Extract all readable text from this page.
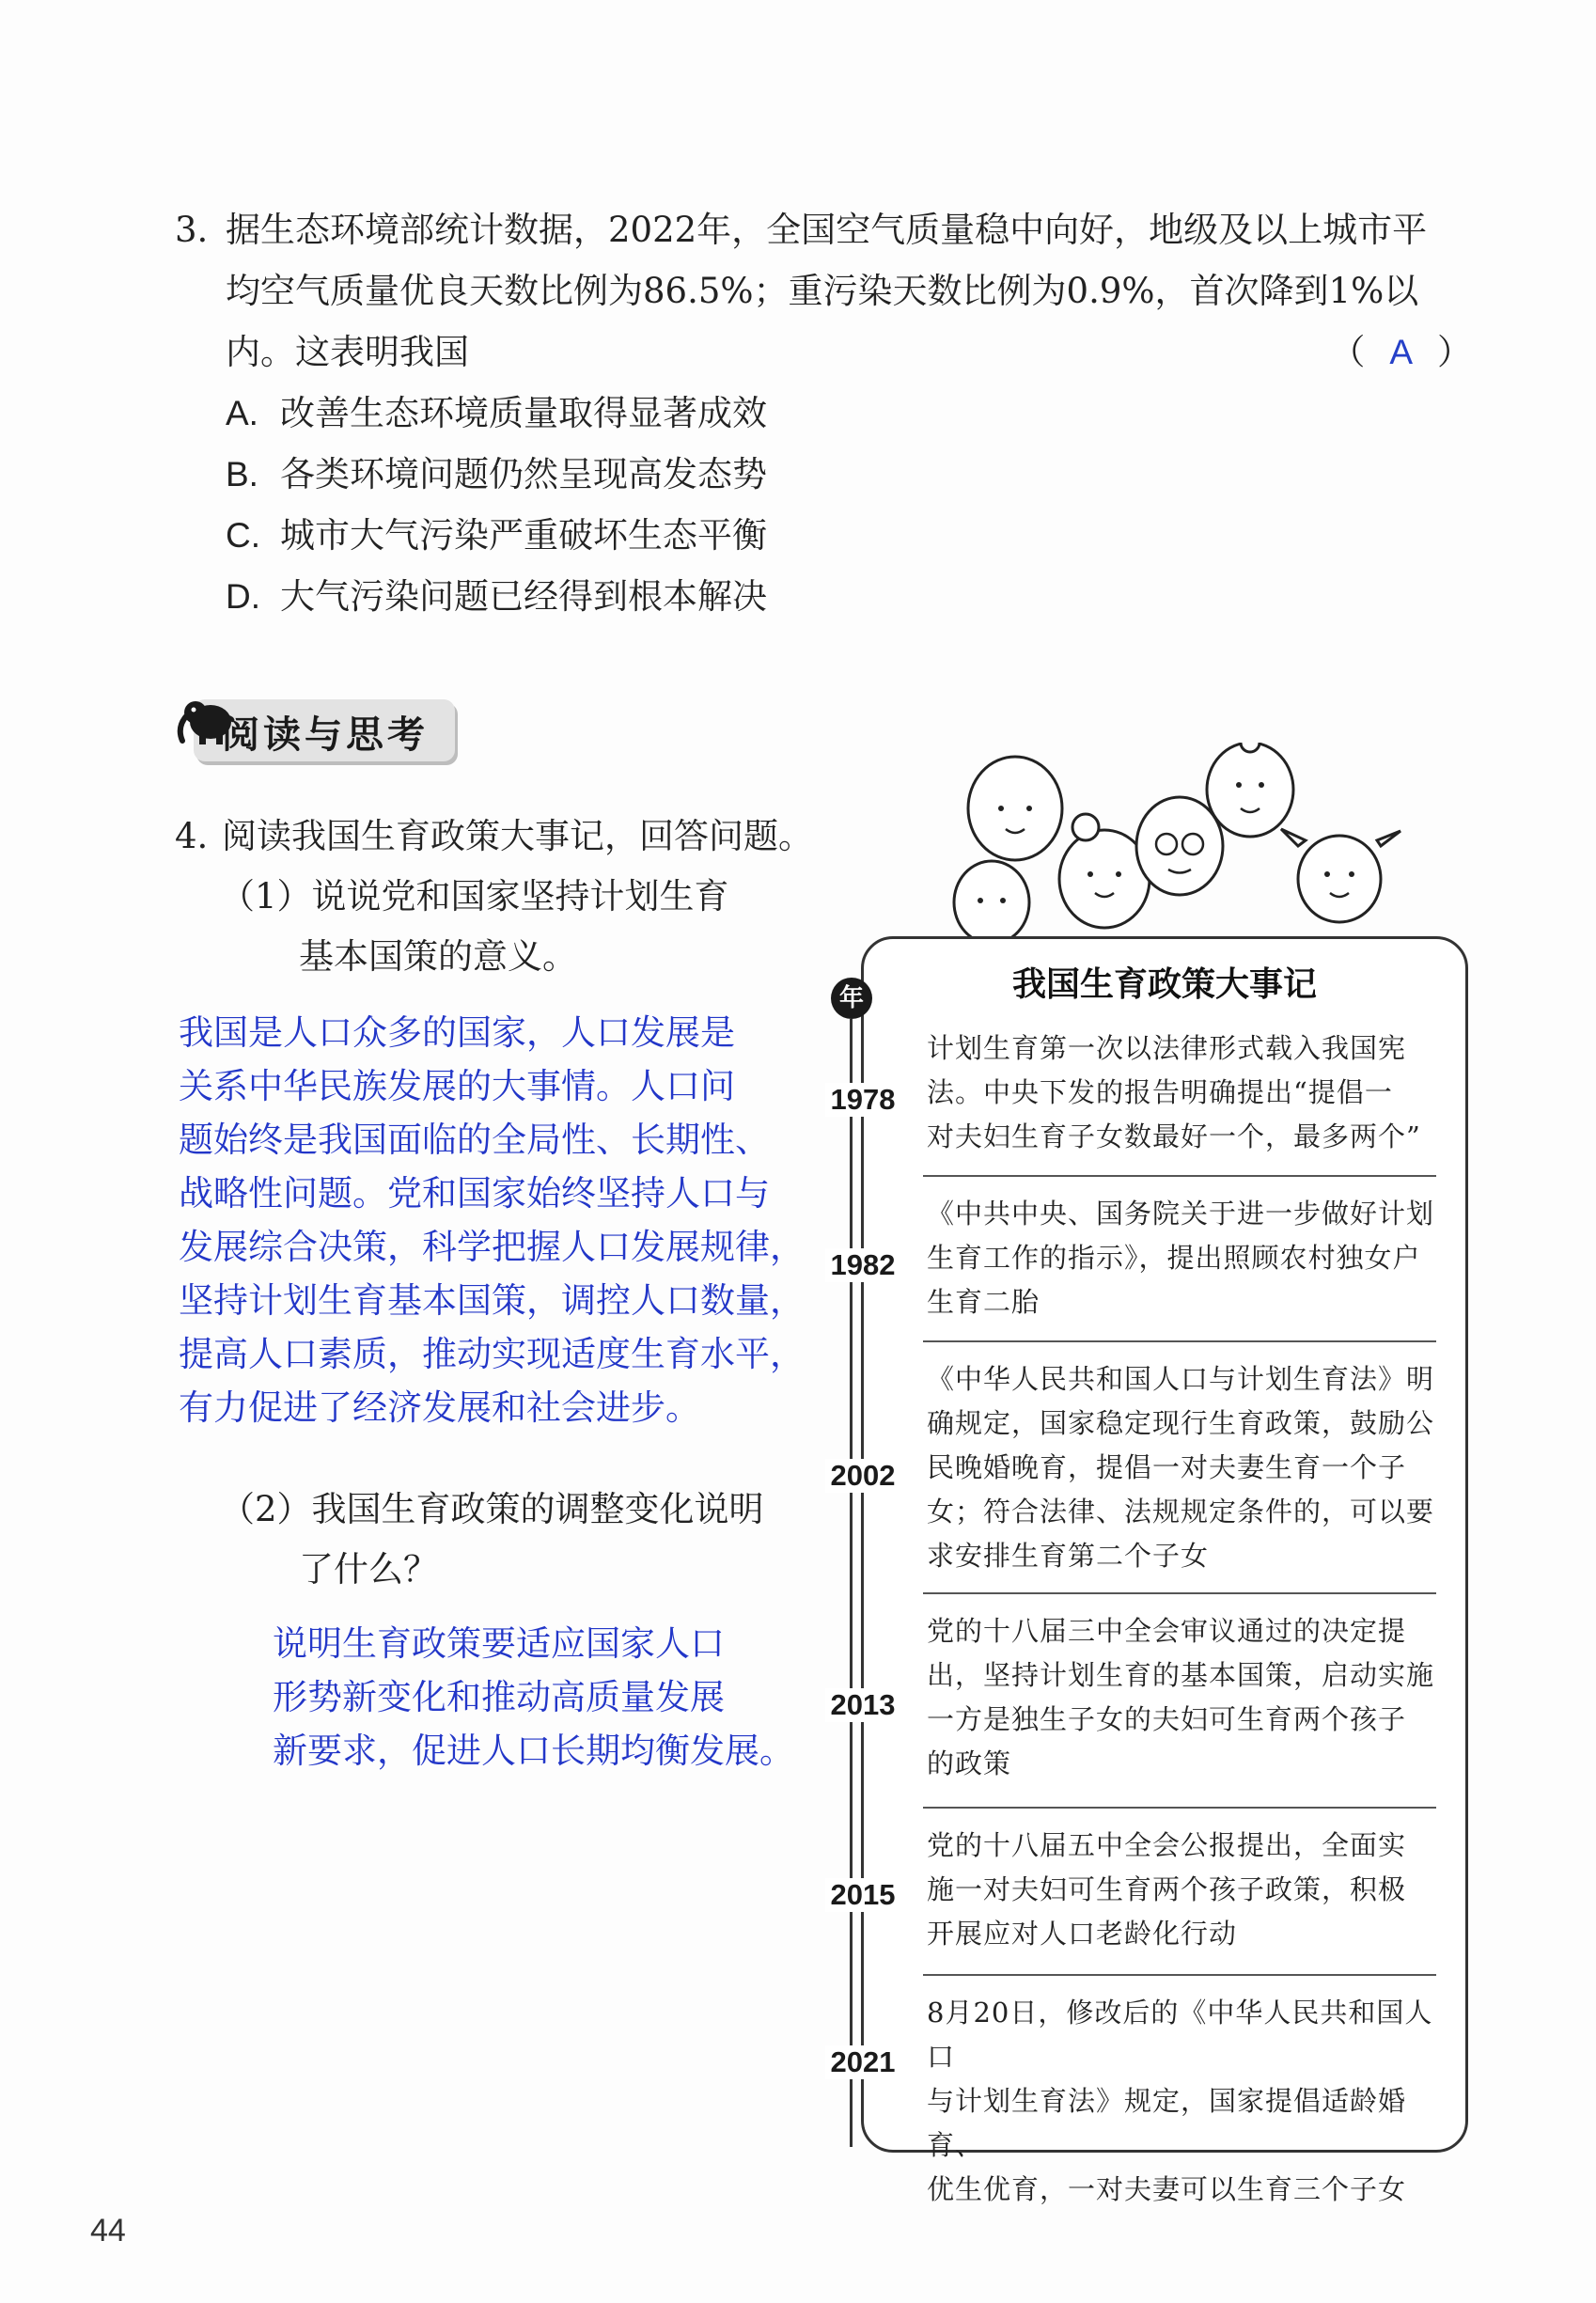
3. 据生态环境部统计数据，2022年，全国空气质量稳中向好，地级及以上城市平

均空气质量优良天数比例为86.5%；重污染天数比例为0.9%，首次降到1%以
内。这表明我国	（ A ）
A. 改善生态环境质量取得显著成效
B. 各类环境问题仍然呈现高发态势
C. 城市大气污染严重破坏生态平衡
D. 大气污染问题已经得到根本解决
阅读与思考
4. 阅读我国生育政策大事记，回答问题。
（1）说说党和国家坚持计划生育
基本国策的意义。
我国是人口众多的国家，人口发展是
关系中华民族发展的大事情。人口问
题始终是我国面临的全局性、长期性、
战略性问题。党和国家始终坚持人口与
发展综合决策，科学把握人口发展规律，
坚持计划生育基本国策，调控人口数量，
提高人口素质，推动实现适度生育水平，
有力促进了经济发展和社会进步。
（2）我国生育政策的调整变化说明
了什么？
说明生育政策要适应国家人口
形势新变化和推动高质量发展
新要求，促进人口长期均衡发展。
我国生育政策大事记
年
计划生育第一次以法律形式载入我国宪
法。中央下发的报告明确提出“提倡一
对夫妇生育子女数最好一个，最多两个”
1978
《中共中央、国务院关于进一步做好计划
生育工作的指示》，提出照顾农村独女户
生育二胎
1982
《中华人民共和国人口与计划生育法》明
确规定，国家稳定现行生育政策，鼓励公
民晚婚晚育，提倡一对夫妻生育一个子
女；符合法律、法规规定条件的，可以要
求安排生育第二个子女
2002
党的十八届三中全会审议通过的决定提
出，坚持计划生育的基本国策，启动实施
一方是独生子女的夫妇可生育两个孩子
的政策
2013
党的十八届五中全会公报提出，全面实
施一对夫妇可生育两个孩子政策，积极
开展应对人口老龄化行动
2015
8月20日，修改后的《中华人民共和国人口
与计划生育法》规定，国家提倡适龄婚育、
优生优育，一对夫妻可以生育三个子女
2021
44
